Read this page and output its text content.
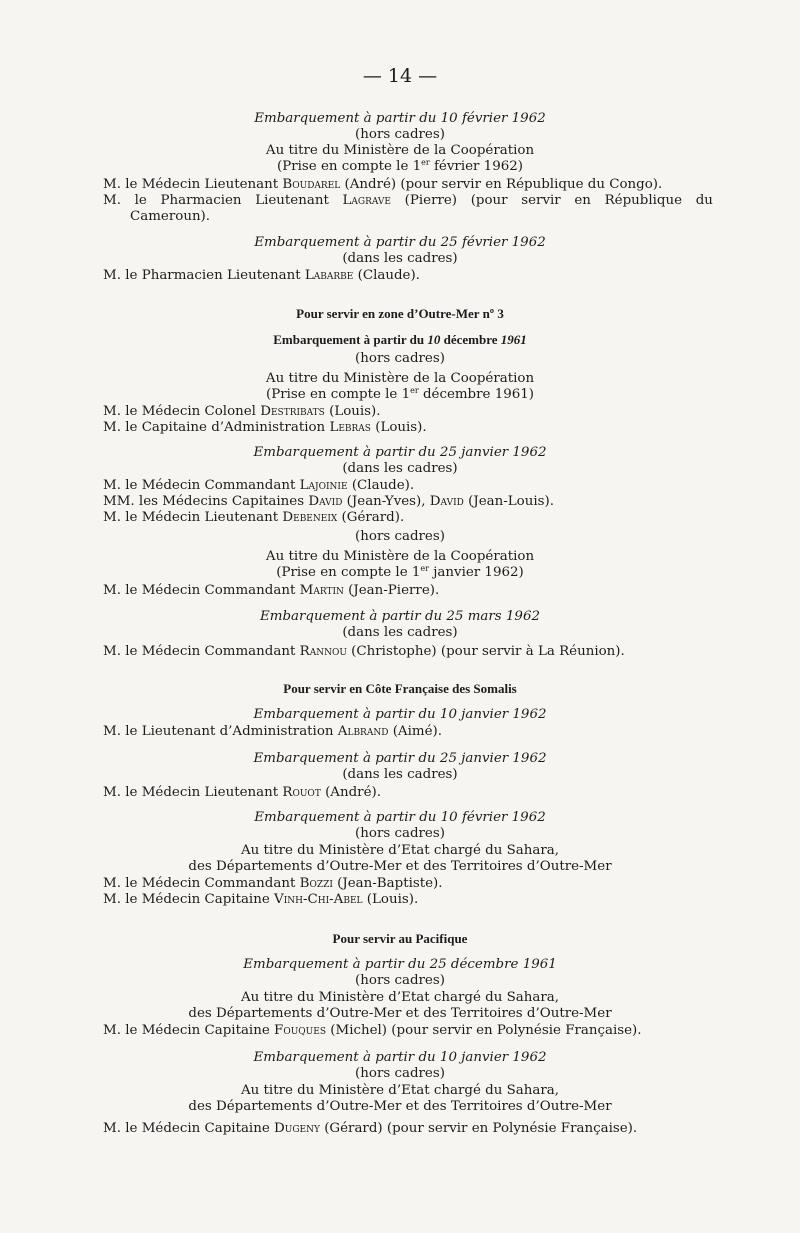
— 14 —
Embarquement à partir du 10 février 1962
(hors cadres)
Au titre du Ministère de la Coopération
(Prise en compte le 1er février 1962)
M. le Médecin Lieutenant Boudarel (André) (pour servir en République du Congo).
M. le Pharmacien Lieutenant Lagrave (Pierre) (pour servir en République du
Cameroun).
Embarquement à partir du 25 février 1962
(dans les cadres)
M. le Pharmacien Lieutenant Labarbe (Claude).
Pour servir en zone d’Outre-Mer nº 3
Embarquement à partir du 10 décembre 1961
(hors cadres)
Au titre du Ministère de la Coopération
(Prise en compte le 1er décembre 1961)
M. le Médecin Colonel Destribats (Louis).
M. le Capitaine d’Administration Lebras (Louis).
Embarquement à partir du 25 janvier 1962
(dans les cadres)
M. le Médecin Commandant Lajoinie (Claude).
MM. les Médecins Capitaines David (Jean-Yves), David (Jean-Louis).
M. le Médecin Lieutenant Debeneix (Gérard).
(hors cadres)
Au titre du Ministère de la Coopération
(Prise en compte le 1er janvier 1962)
M. le Médecin Commandant Martin (Jean-Pierre).
Embarquement à partir du 25 mars 1962
(dans les cadres)
M. le Médecin Commandant Rannou (Christophe) (pour servir à La Réunion).
Pour servir en Côte Française des Somalis
Embarquement à partir du 10 janvier 1962
M. le Lieutenant d’Administration Albrand (Aimé).
Embarquement à partir du 25 janvier 1962
(dans les cadres)
M. le Médecin Lieutenant Rouot (André).
Embarquement à partir du 10 février 1962
(hors cadres)
Au titre du Ministère d’Etat chargé du Sahara,
des Départements d’Outre-Mer et des Territoires d’Outre-Mer
M. le Médecin Commandant Bozzi (Jean-Baptiste).
M. le Médecin Capitaine Vinh-Chi-Abel (Louis).
Pour servir au Pacifique
Embarquement à partir du 25 décembre 1961
(hors cadres)
Au titre du Ministère d’Etat chargé du Sahara,
des Départements d’Outre-Mer et des Territoires d’Outre-Mer
M. le Médecin Capitaine Fouques (Michel) (pour servir en Polynésie Française).
Embarquement à partir du 10 janvier 1962
(hors cadres)
Au titre du Ministère d’Etat chargé du Sahara,
des Départements d’Outre-Mer et des Territoires d’Outre-Mer
M. le Médecin Capitaine Dugeny (Gérard) (pour servir en Polynésie Française).
